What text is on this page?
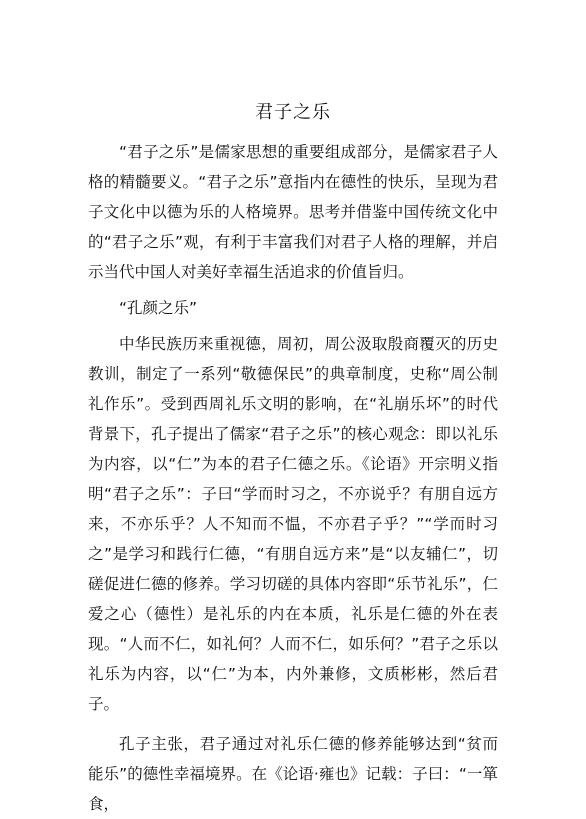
君子之乐

“君子之乐”是儒家思想的重要组成部分，是儒家君子人格的精髓要义。“君子之乐”意指内在德性的快乐，呈现为君子文化中以德为乐的人格境界。思考并借鉴中国传统文化中的“君子之乐”观，有利于丰富我们对君子人格的理解，并启示当代中国人对美好幸福生活追求的价值旨归。

“孔颜之乐”

中华民族历来重视德，周初，周公汲取殷商覆灭的历史教训，制定了一系列“敬德保民”的典章制度，史称“周公制礼作乐”。受到西周礼乐文明的影响，在“礼崩乐坏”的时代背景下，孔子提出了儒家“君子之乐”的核心观念：即以礼乐为内容，以“仁”为本的君子仁德之乐。《论语》开宗明义指明“君子之乐”：子曰“学而时习之，不亦说乎？有朋自远方来，不亦乐乎？人不知而不愠，不亦君子乎？”“学而时习之”是学习和践行仁德，“有朋自远方来”是“以友辅仁”，切磋促进仁德的修养。学习切磋的具体内容即“乐节礼乐”，仁爱之心（德性）是礼乐的内在本质，礼乐是仁德的外在表现。“人而不仁，如礼何？人而不仁，如乐何？”君子之乐以礼乐为内容，以“仁”为本，内外兼修，文质彬彬，然后君子。

孔子主张，君子通过对礼乐仁德的修养能够达到“贫而能乐”的德性幸福境界。在《论语·雍也》记载：子曰：“一箪食，
